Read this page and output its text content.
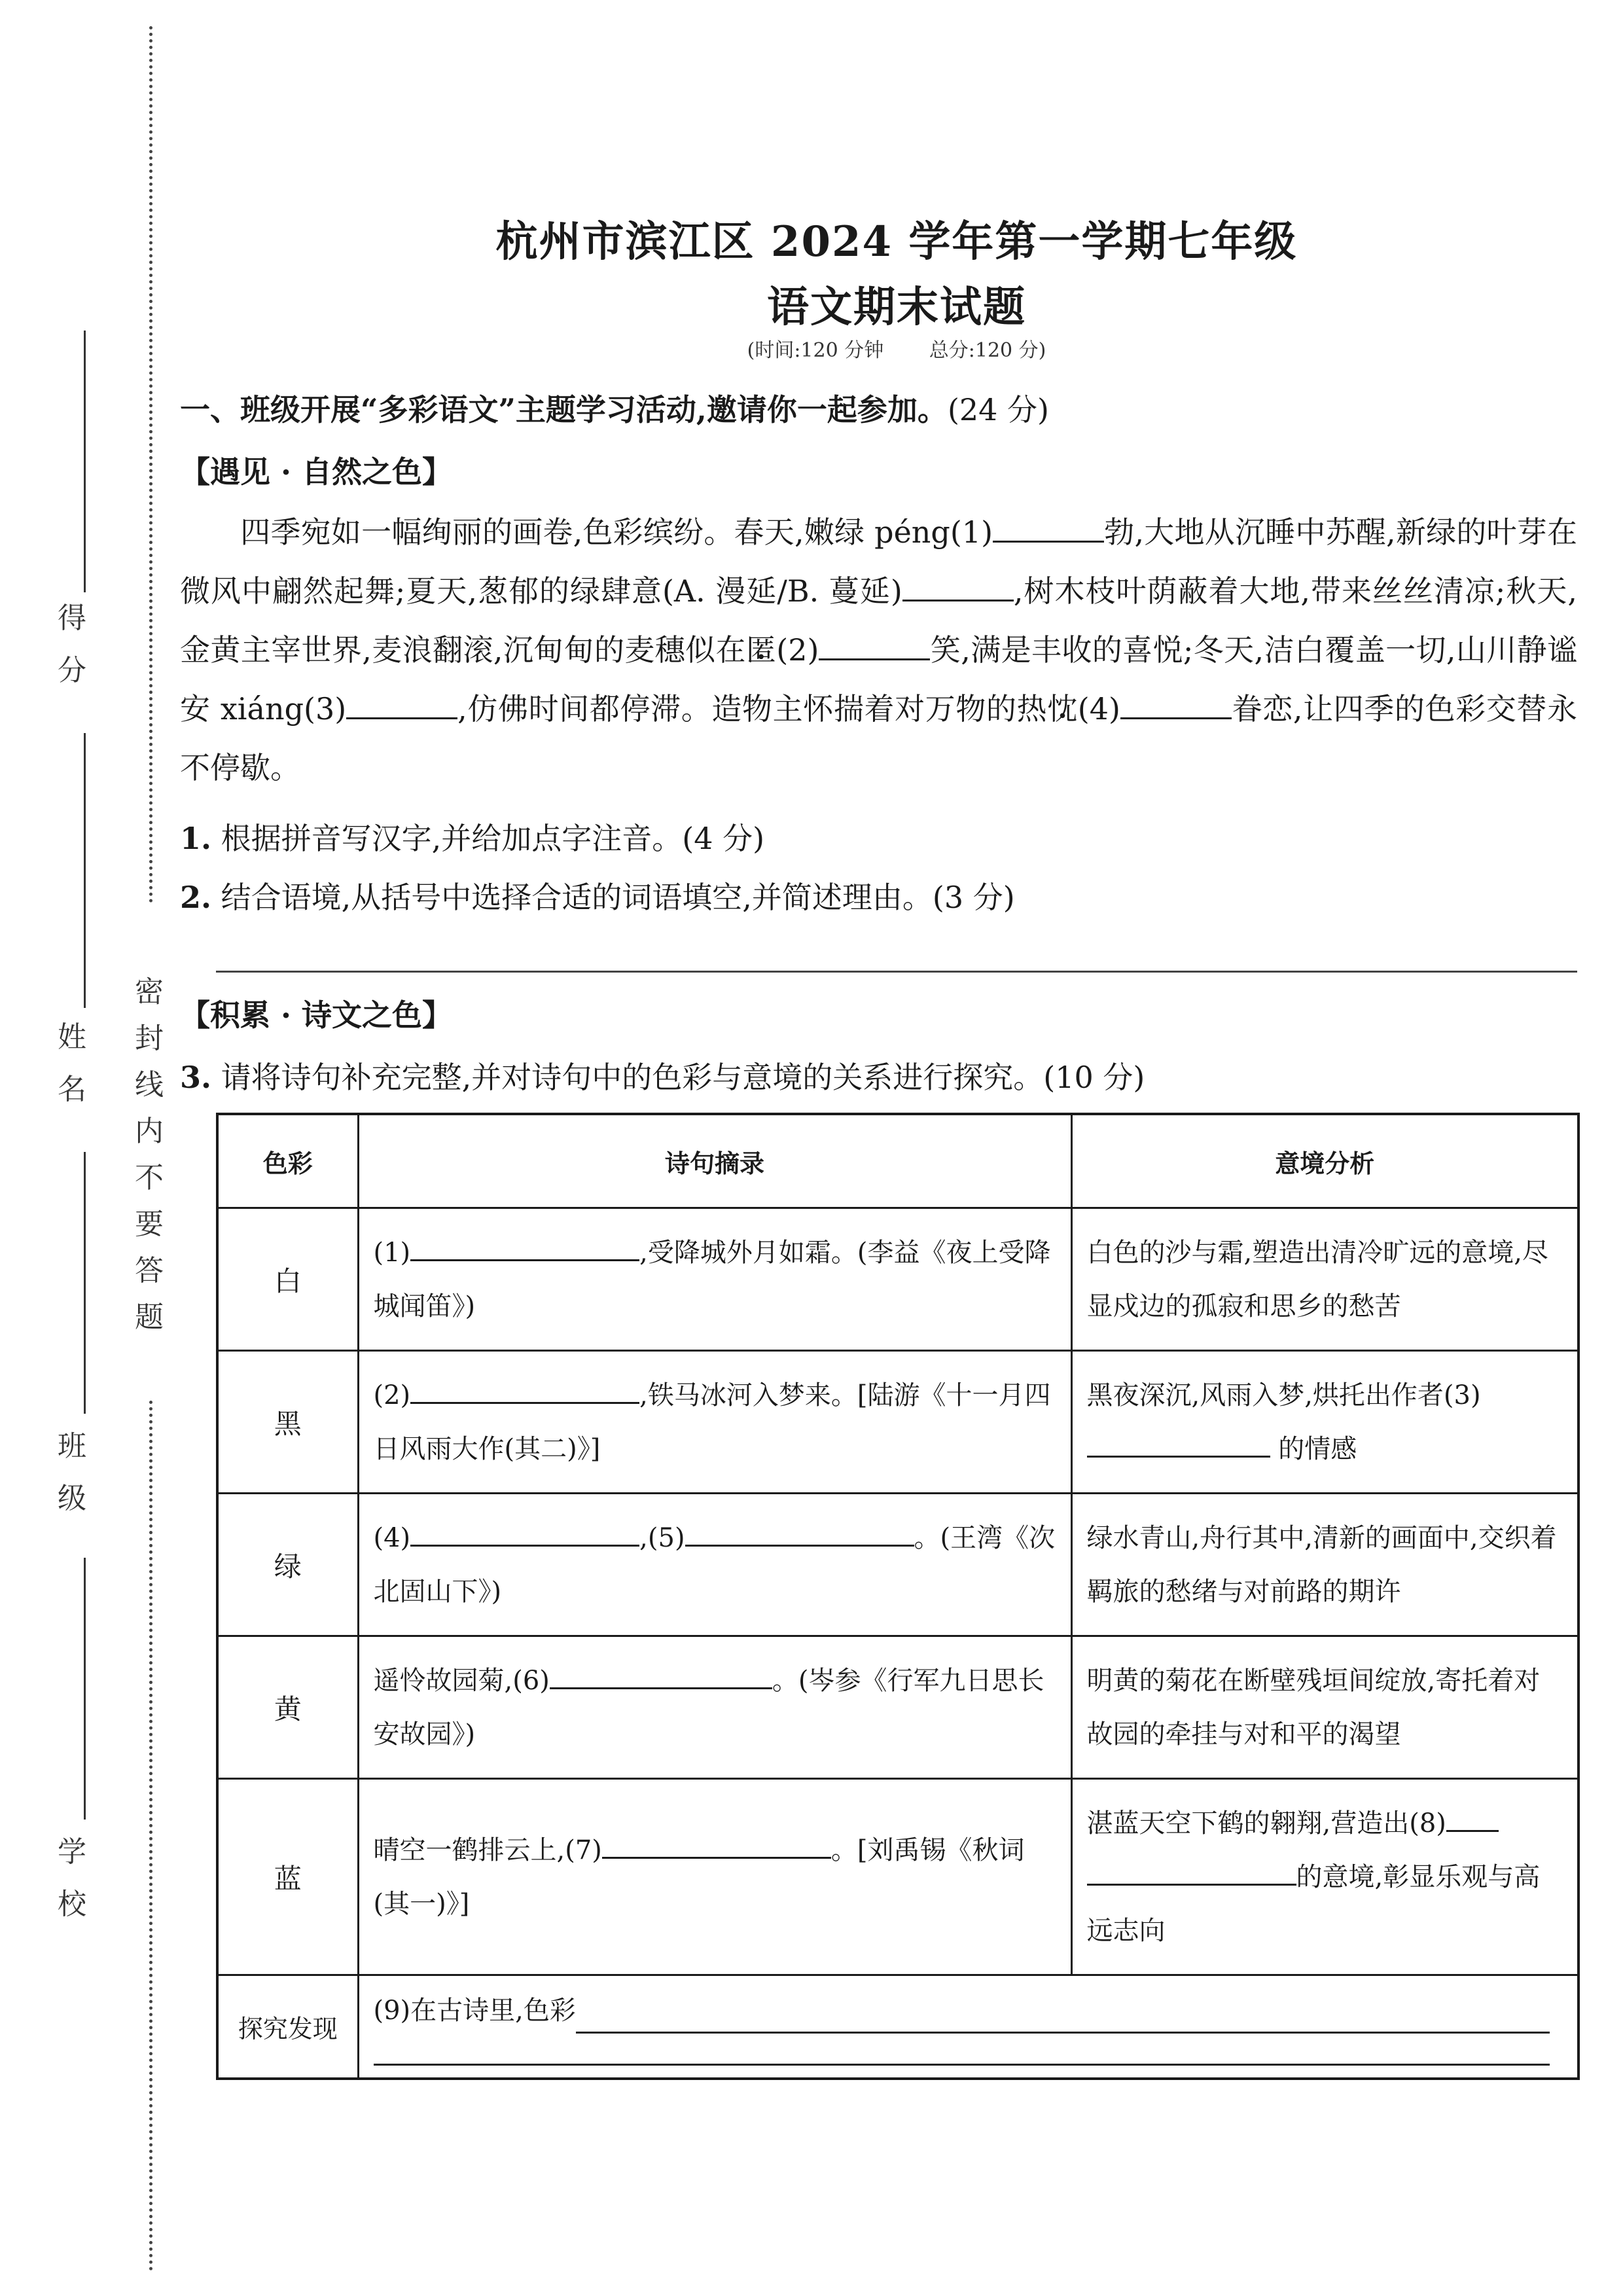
密
封
线
内
不
要
答
题
得
分
姓
名
班
级
学
校
杭州市滨江区 2024 学年第一学期七年级
语文期末试题
(时间:120 分钟 总分:120 分)
一、班级开展“多彩语文”主题学习活动,邀请你一起参加。(24 分)
【遇见 · 自然之色】
四季宛如一幅绚丽的画卷,色彩缤纷。春天,嫩绿 péng(1)	勃,大地从沉睡中苏醒,新绿的叶芽在微风中翩然起舞;夏天,葱郁的绿肆意(A. 漫延/B. 蔓延)	,树木枝叶荫蔽着大地,带来丝丝清凉;秋天,金黄主宰世界,麦浪翻滚,沉甸甸的麦穗似在匿 •(2)	笑,满是丰收的喜悦;冬天,洁白覆盖一切,山川静谧安 xiáng(3)	,仿佛时间都停滞。造物主怀揣着对万物的热忱 •(4)	眷恋,让四季的色彩交替永不停歇。
1. 根据拼音写汉字,并给加点字注音。(4 分)
2. 结合语境,从括号中选择合适的词语填空,并简述理由。(3 分)
【积累 · 诗文之色】
3. 请将诗句补充完整,并对诗句中的色彩与意境的关系进行探究。(10 分)
色彩	诗句摘录	意境分析
白	(1) ,受降城外月如霜。(李益《夜上受降城闻笛》)	白色的沙与霜,塑造出清冷旷远的意境,尽显戍边的孤寂和思乡的愁苦

黑	(2) ,铁马冰河入梦来。[陆游《十一月四日风雨大作(其二)》]	黑夜深沉,风雨入梦,烘托出作者(3) 的情感

绿	(4) ,(5) 。(王湾《次北固山下》)	绿水青山,舟行其中,清新的画面中,交织着羁旅的愁绪与对前路的期许

黄	遥怜故园菊,(6) 。(岑参《行军九日思长安故园》)	明黄的菊花在断壁残垣间绽放,寄托着对故园的牵挂与对和平的渴望

蓝	晴空一鹤排云上,(7) 。[刘禹锡《秋词(其一)》]	湛蓝天空下鹤的翱翔,营造出(8)
的意境,彰显乐观与高远志向

探究发现	(9)在古诗里,色彩	
